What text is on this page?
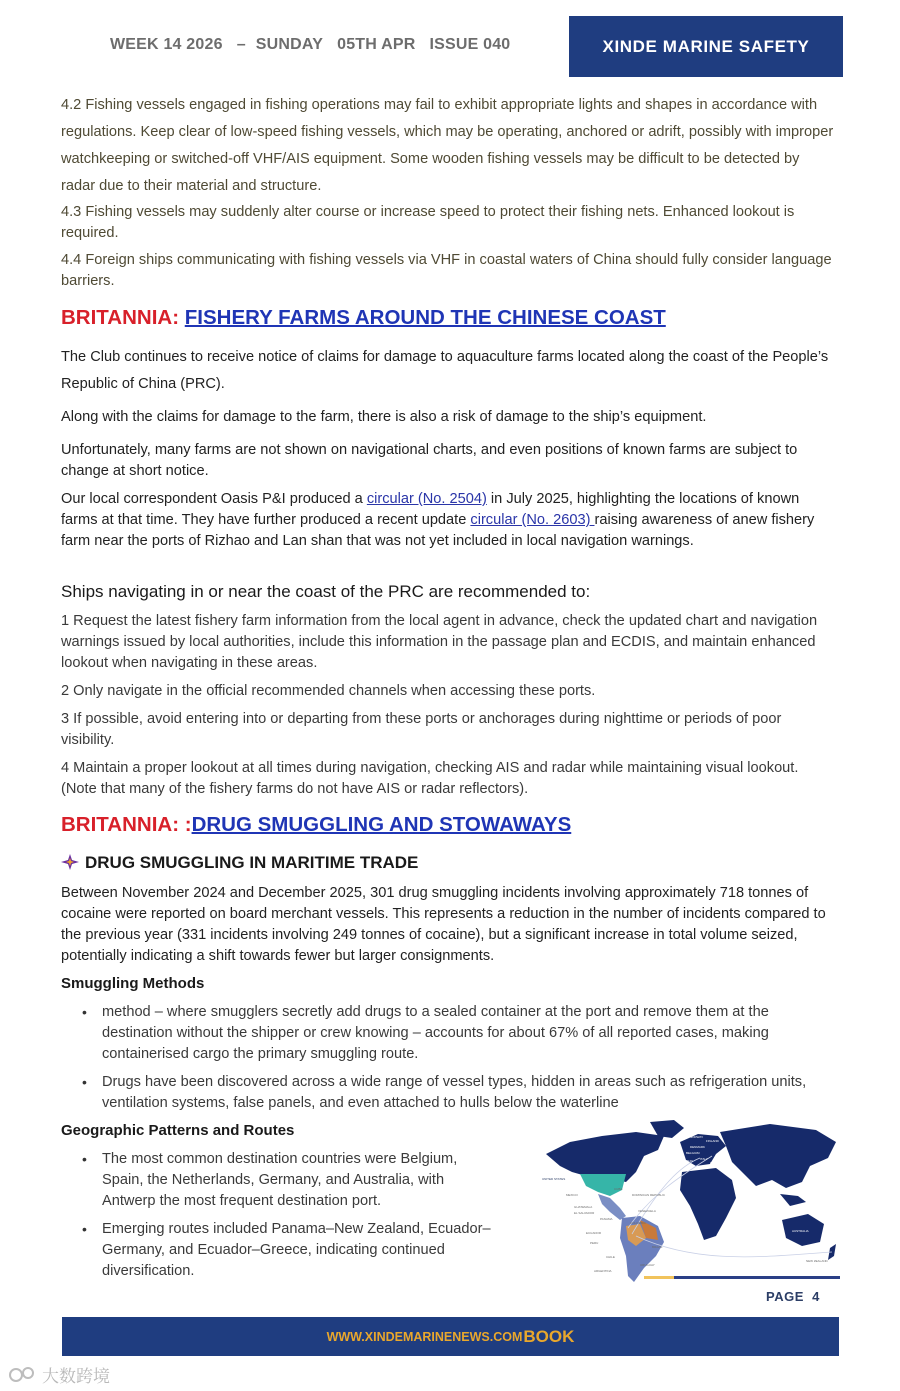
WEEK 14 2026 – SUNDAY 05TH APR ISSUE 040	XINDE MARINE SAFETY
4.2 Fishing vessels engaged in fishing operations may fail to exhibit appropriate lights and shapes in accordance with regulations. Keep clear of low-speed fishing vessels, which may be operating, anchored or adrift, possibly with improper watchkeeping or switched-off VHF/AIS equipment. Some wooden fishing vessels may be difficult to be detected by radar due to their material and structure.
4.3 Fishing vessels may suddenly alter course or increase speed to protect their fishing nets. Enhanced lookout is required.
4.4 Foreign ships communicating with fishing vessels via VHF in coastal waters of China should fully consider language barriers.
BRITANNIA: FISHERY FARMS AROUND THE CHINESE COAST
The Club continues to receive notice of claims for damage to aquaculture farms located along the coast of the People’s Republic of China (PRC).
Along with the claims for damage to the farm, there is also a risk of damage to the ship’s equipment.
Unfortunately, many farms are not shown on navigational charts, and even positions of known farms are subject to change at short notice.
Our local correspondent Oasis P&I produced a circular (No. 2504) in July 2025, highlighting the locations of known farms at that time. They have further produced a recent update circular (No. 2603) raising awareness of anew fishery farm near the ports of Rizhao and Lan shan that was not yet included in local navigation warnings.
Ships navigating in or near the coast of the PRC are recommended to:
1 Request the latest fishery farm information from the local agent in advance, check the updated chart and navigation warnings issued by local authorities, include this information in the passage plan and ECDIS, and maintain enhanced lookout when navigating in these areas.
2 Only navigate in the official recommended channels when accessing these ports.
3 If possible, avoid entering into or departing from these ports or anchorages during nighttime or periods of poor visibility.
4 Maintain a proper lookout at all times during navigation, checking AIS and radar while maintaining visual lookout. (Note that many of the fishery farms do not have AIS or radar reflectors).
BRITANNIA: :DRUG SMUGGLING AND STOWAWAYS
DRUG SMUGGLING IN MARITIME TRADE
Between November 2024 and December 2025, 301 drug smuggling incidents involving approximately 718 tonnes of cocaine were reported on board merchant vessels. This represents a reduction in the number of incidents compared to the previous year (331 incidents involving 249 tonnes of cocaine), but a significant increase in total volume seized, potentially indicating a shift towards fewer but larger consignments.
Smuggling Methods
• method – where smugglers secretly add drugs to a sealed container at the port and remove them at the destination without the shipper or crew knowing – accounts for about 67% of all reported cases, making containerised cargo the primary smuggling route.
• Drugs have been discovered across a wide range of vessel types, hidden in areas such as refrigeration units, ventilation systems, false panels, and even attached to hulls below the waterline
Geographic Patterns and Routes
• The most common destination countries were Belgium, Spain, the Netherlands, Germany, and Australia, with Antwerp the most frequent destination port.
• Emerging routes included Panama–New Zealand, Ecuador–Germany, and Ecuador–Greece, indicating continued diversification.
UNITED STATES
MEXICO
CUBA
DOMINICAN REPUBLIC
GUATEMALA
EL SALVADOR
COLOMBIA
ECUADOR
PERU
BRAZIL
CHILE
ARGENTINA
URUGUAY
PANAMA
VENEZUELA
NORWAY
FINLAND
DENMARK
BELGIUM
SPAIN ITALY
GREECE
AUSTRALIA
NEW ZEALAND
PAGE 4
WWW.XINDEMARINENEWS.COM BOOK
大数跨境
